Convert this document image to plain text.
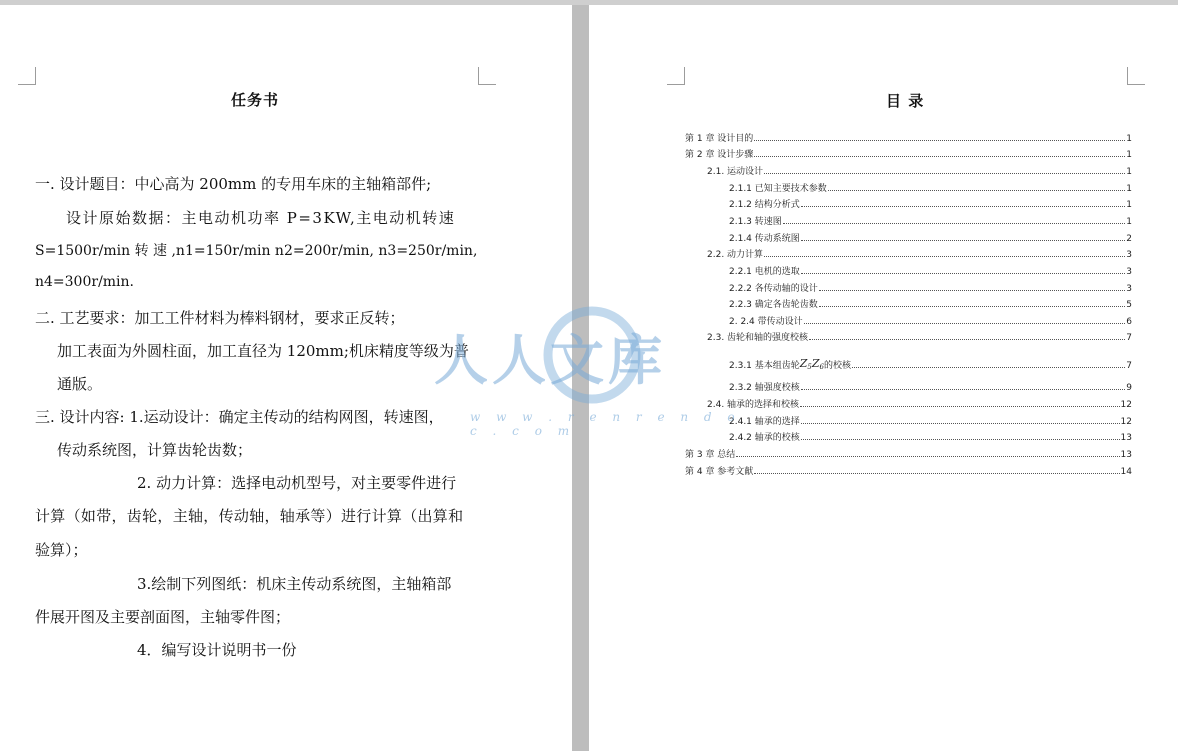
任务书
一. 设计题目：中心高为 200mm 的专用车床的主轴箱部件;
设计原始数据：主电动机功率 P=3KW,主电动机转速
S=1500r/min 转 速 ,n1=150r/min n2=200r/min, n3=250r/min,
n4=300r/min.
二. 工艺要求：加工工件材料为棒料钢材，要求正反转；
加工表面为外圆柱面，加工直径为 120mm;机床精度等级为普
通版。
三. 设计内容: 1.运动设计：确定主传动的结构网图，转速图，
传动系统图，计算齿轮齿数；
2. 动力计算：选择电动机型号，对主要零件进行
计算（如带，齿轮，主轴，传动轴，轴承等）进行计算（出算和
验算）；
3.绘制下列图纸：机床主传动系统图，主轴箱部
件展开图及主要剖面图，主轴零件图；
4．编写设计说明书一份
目 录
第 1 章 设计目的	1
第 2 章 设计步骤	1
2.1. 运动设计	1
2.1.1 已知主要技术参数	1
2.1.2 结构分析式	1
2.1.3 转速图	1
2.1.4 传动系统图	2
2.2. 动力计算	3
2.2.1 电机的选取	3
2.2.2 各传动轴的设计	3
2.2.3 确定各齿轮齿数	5
2. 2.4 带传动设计	6
2.3. 齿轮和轴的强度校核	7
2.3.1 基本组齿轮 $Z_5Z_6$ 的校核	7
2.3.2 轴强度校核	9
2.4. 轴承的选择和校核	12
2.4.1 轴承的选择	12
2.4.2 轴承的校核	13
第 3 章 总结	13
第 4 章 参考文献	14
人人文库
w w w . r e n r e n d o c . c o m
